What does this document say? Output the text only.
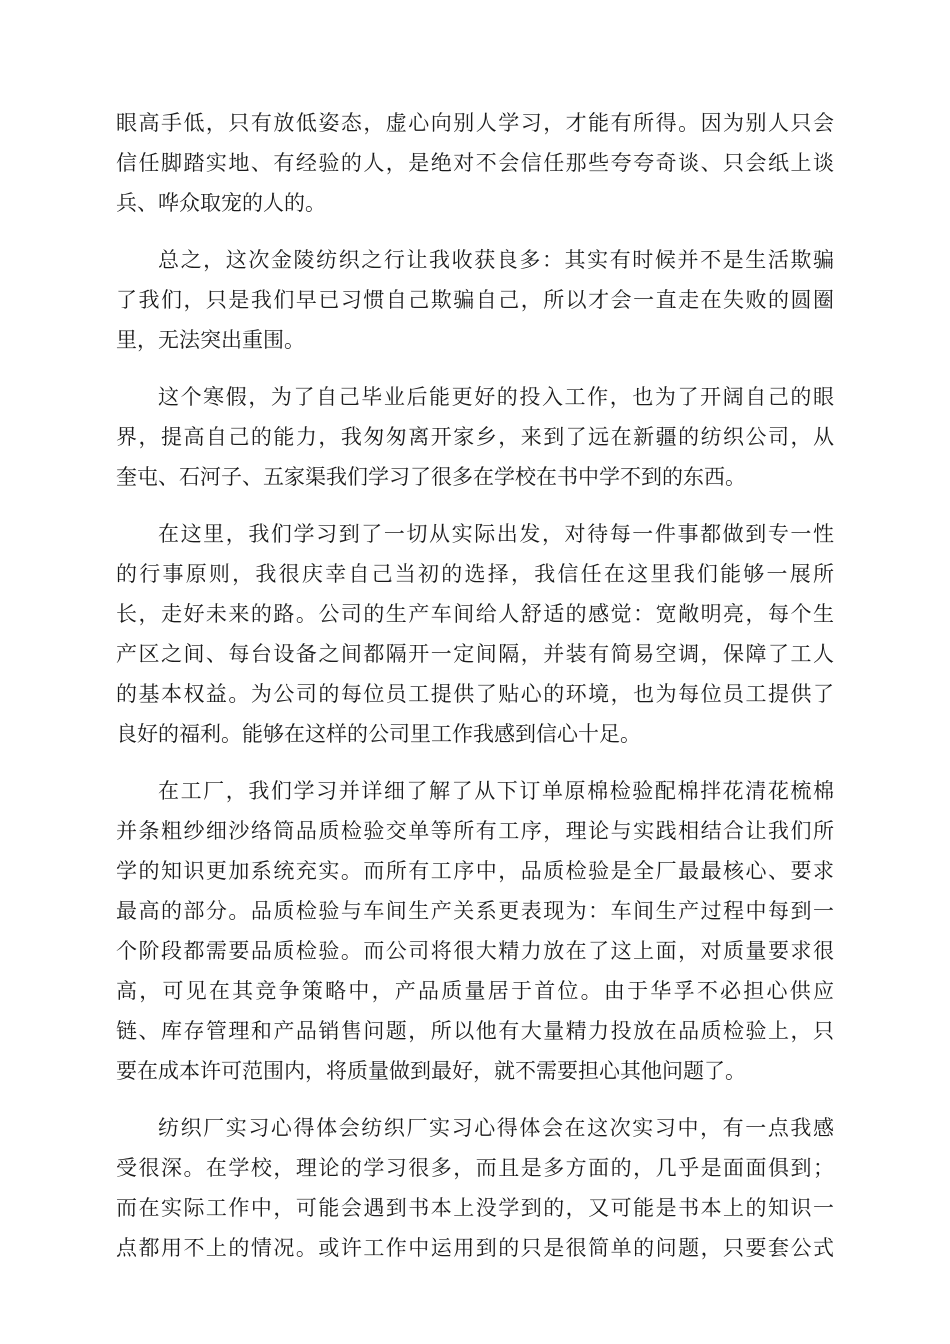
眼高手低，只有放低姿态，虚心向别人学习，才能有所得。因为别人只会
信任脚踏实地、有经验的人，是绝对不会信任那些夸夸奇谈、只会纸上谈
兵、哗众取宠的人的。

总之，这次金陵纺织之行让我收获良多：其实有时候并不是生活欺骗
了我们，只是我们早已习惯自己欺骗自己，所以才会一直走在失败的圆圈
里，无法突出重围。

这个寒假，为了自己毕业后能更好的投入工作，也为了开阔自己的眼
界，提高自己的能力，我匆匆离开家乡，来到了远在新疆的纺织公司，从
奎屯、石河子、五家渠我们学习了很多在学校在书中学不到的东西。

在这里，我们学习到了一切从实际出发，对待每一件事都做到专一性
的行事原则，我很庆幸自己当初的选择，我信任在这里我们能够一展所
长，走好未来的路。公司的生产车间给人舒适的感觉：宽敞明亮，每个生
产区之间、每台设备之间都隔开一定间隔，并装有简易空调，保障了工人
的基本权益。为公司的每位员工提供了贴心的环境，也为每位员工提供了
良好的福利。能够在这样的公司里工作我感到信心十足。

在工厂，我们学习并详细了解了从下订单原棉检验配棉拌花清花梳棉
并条粗纱细沙络筒品质检验交单等所有工序，理论与实践相结合让我们所
学的知识更加系统充实。而所有工序中，品质检验是全厂最最核心、要求
最高的部分。品质检验与车间生产关系更表现为：车间生产过程中每到一
个阶段都需要品质检验。而公司将很大精力放在了这上面，对质量要求很
高，可见在其竞争策略中，产品质量居于首位。由于华孚不必担心供应
链、库存管理和产品销售问题，所以他有大量精力投放在品质检验上，只
要在成本许可范围内，将质量做到最好，就不需要担心其他问题了。

纺织厂实习心得体会纺织厂实习心得体会在这次实习中，有一点我感
受很深。在学校，理论的学习很多，而且是多方面的，几乎是面面俱到；
而在实际工作中，可能会遇到书本上没学到的，又可能是书本上的知识一
点都用不上的情况。或许工作中运用到的只是很简单的问题，只要套公式
